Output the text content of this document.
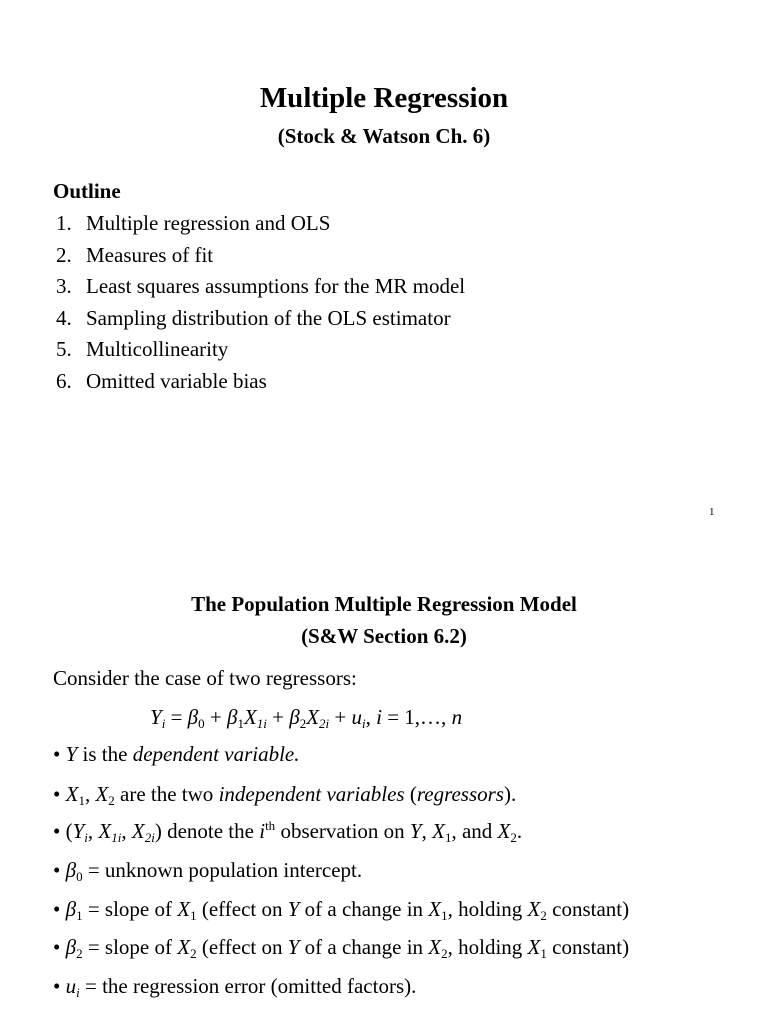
Multiple Regression
(Stock & Watson Ch. 6)
Outline
1. Multiple regression and OLS
2. Measures of fit
3. Least squares assumptions for the MR model
4. Sampling distribution of the OLS estimator
5. Multicollinearity
6. Omitted variable bias
1
The Population Multiple Regression Model
(S&W Section 6.2)
Consider the case of two regressors:
$Y_i = \beta_0 + \beta_1X_{1i} + \beta_2X_{2i} + u_i$, i = 1,…, n
• Y is the dependent variable.
• $X_1$, $X_2$ are the two independent variables (regressors).
• ($Y_i$, $X_{1i}$, $X_{2i}$) denote the $i^{th}$ observation on Y, $X_1$, and $X_2$.
• $\beta_0$ = unknown population intercept.
• $\beta_1$ = slope of $X_1$ (effect on Y of a change in $X_1$, holding $X_2$ constant)
• $\beta_2$ = slope of $X_2$ (effect on Y of a change in $X_2$, holding $X_1$ constant)
• $u_i$ = the regression error (omitted factors).
